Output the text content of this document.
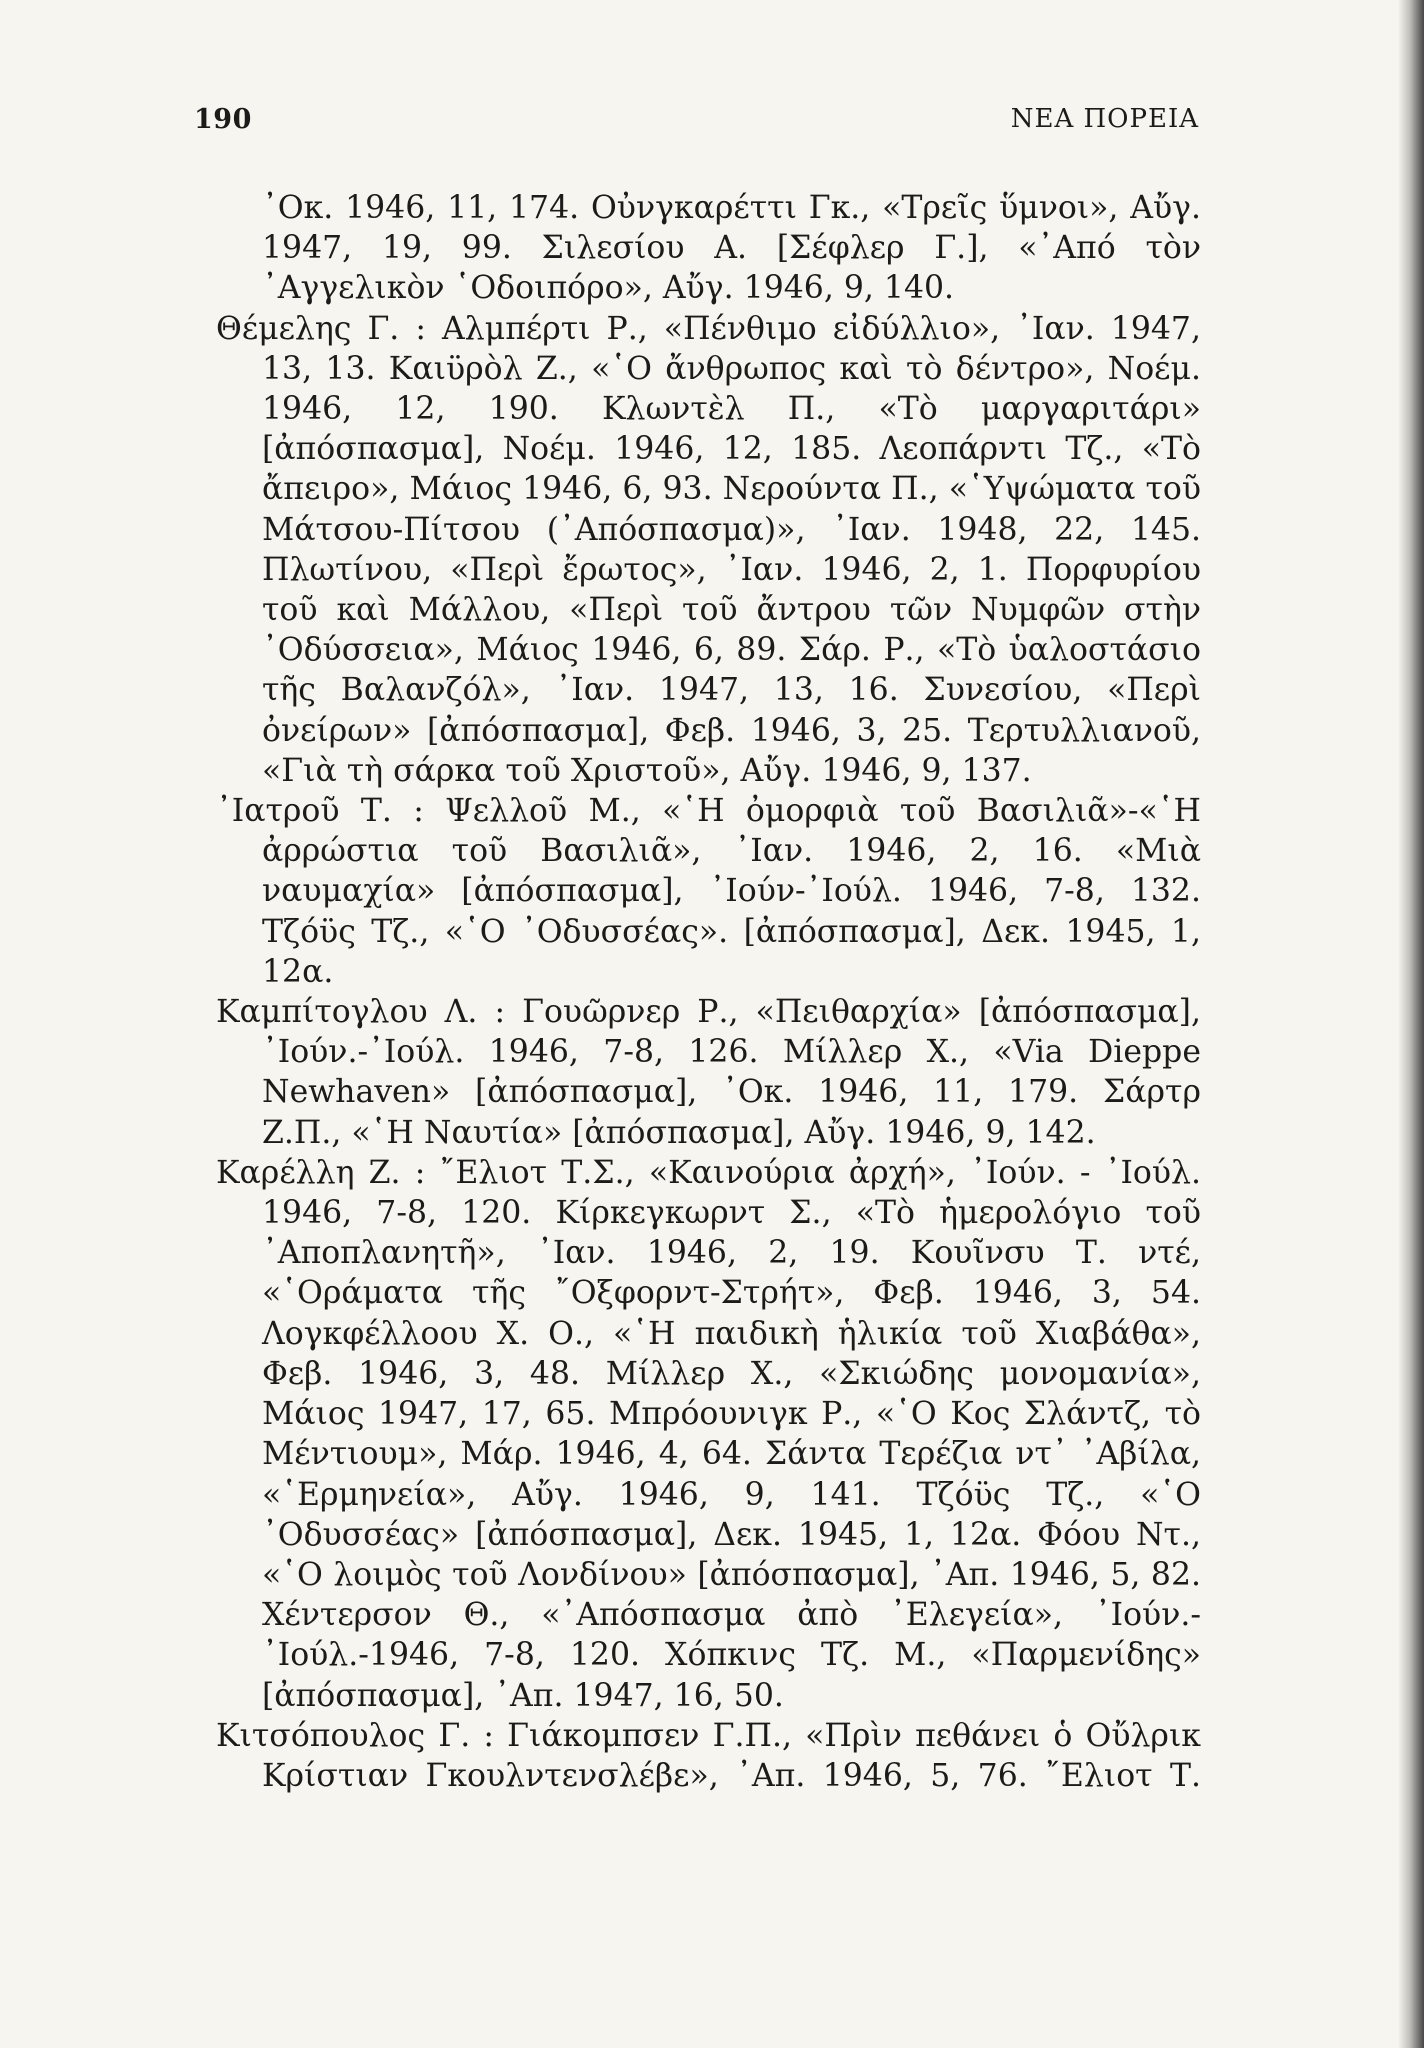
190	ΝΕΑ ΠΟΡΕΙΑ

᾽Οκ. 1946, 11, 174. Οὐνγκαρέττι Γκ., «Τρεῖς ὕμνοι», Αὔγ. 1947, 19, 99. Σιλεσίου Α. [Σέφλερ Γ.], «᾽Από τὸν ᾽Αγγελικὸν ῾Οδοιπόρο», Αὔγ. 1946, 9, 140.

Θέμελης Γ. : Αλμπέρτι Ρ., «Πένθιμο εἰδύλλιο», ᾽Ιαν. 1947, 13, 13. Καιϋρὸλ Ζ., «῾Ο ἄνθρωπος καὶ τὸ δέντρο», Νοέμ. 1946, 12, 190. Κλωντὲλ Π., «Τὸ μαργαριτάρι» [ἀπόσπασμα], Νοέμ. 1946, 12, 185. Λεοπάρντι Τζ., «Τὸ ἄπειρο», Μάιος 1946, 6, 93. Νερούντα Π., «῾Υψώματα τοῦ Μάτσου-Πίτσου (᾽Απόσπασμα)», ᾽Ιαν. 1948, 22, 145. Πλωτίνου, «Περὶ ἔρωτος», ᾽Ιαν. 1946, 2, 1. Πορφυρίου τοῦ καὶ Μάλλου, «Περὶ τοῦ ἄντρου τῶν Νυμφῶν στὴν ᾽Οδύσσεια», Μάιος 1946, 6, 89. Σάρ. Ρ., «Τὸ ὑαλοστάσιο τῆς Βαλανζόλ», ᾽Ιαν. 1947, 13, 16. Συνεσίου, «Περὶ ὀνείρων» [ἀπόσπασμα], Φεβ. 1946, 3, 25. Τερτυλλιανοῦ, «Γιὰ τὴ σάρκα τοῦ Χριστοῦ», Αὔγ. 1946, 9, 137.

᾽Ιατροῦ Τ. : Ψελλοῦ Μ., «῾Η ὀμορφιὰ τοῦ Βασιλιᾶ»-«῾Η ἀρρώστια τοῦ Βασιλιᾶ», ᾽Ιαν. 1946, 2, 16. «Μιὰ ναυμαχία» [ἀπόσπασμα], ᾽Ιούν-᾽Ιούλ. 1946, 7-8, 132. Τζόϋς Τζ., «῾Ο ᾽Οδυσσέας». [ἀπόσπασμα], Δεκ. 1945, 1, 12α.

Καμπίτογλου Λ. : Γουῶρνερ Ρ., «Πειθαρχία» [ἀπόσπασμα], ᾽Ιούν.-᾽Ιούλ. 1946, 7-8, 126. Μίλλερ Χ., «Via Dieppe Newhaven» [ἀπόσπασμα], ᾽Οκ. 1946, 11, 179. Σάρτρ Ζ.Π., «῾Η Ναυτία» [ἀπόσπασμα], Αὔγ. 1946, 9, 142.

Καρέλλη Ζ. : ῎Ελιοτ Τ.Σ., «Καινούρια ἀρχή», ᾽Ιούν. - ᾽Ιούλ. 1946, 7-8, 120. Κίρκεγκωρντ Σ., «Τὸ ἡμερολόγιο τοῦ ᾽Αποπλανητῆ», ᾽Ιαν. 1946, 2, 19. Κουῖνσυ Τ. ντέ, «῾Οράματα τῆς ῎Οξφορντ-Στρήτ», Φεβ. 1946, 3, 54. Λογκφέλλοου Χ. Ο., «῾Η παιδικὴ ἡλικία τοῦ Χιαβάθα», Φεβ. 1946, 3, 48. Μίλλερ Χ., «Σκιώδης μονομανία», Μάιος 1947, 17, 65. Μπρόουνιγκ Ρ., «῾Ο Κος Σλάντζ, τὸ Μέντιουμ», Μάρ. 1946, 4, 64. Σάντα Τερέζια ντ᾽ ᾽Αβίλα, «῾Ερμηνεία», Αὔγ. 1946, 9, 141. Τζόϋς Τζ., «῾Ο ᾽Οδυσσέας» [ἀπόσπασμα], Δεκ. 1945, 1, 12α. Φόου Ντ., «῾Ο λοιμὸς τοῦ Λονδίνου» [ἀπόσπασμα], ᾽Απ. 1946, 5, 82. Χέντερσον Θ., «᾽Απόσπασμα ἀπὸ ᾽Ελεγεία», ᾽Ιούν.-᾽Ιούλ.-1946, 7-8, 120. Χόπκινς Τζ. Μ., «Παρμενίδης» [ἀπόσπασμα], ᾽Απ. 1947, 16, 50.

Κιτσόπουλος Γ. : Γιάκομπσεν Γ.Π., «Πρὶν πεθάνει ὁ Οὔλρικ Κρίστιαν Γκουλντενσλέβε», ᾽Απ. 1946, 5, 76. ῎Ελιοτ Τ.
